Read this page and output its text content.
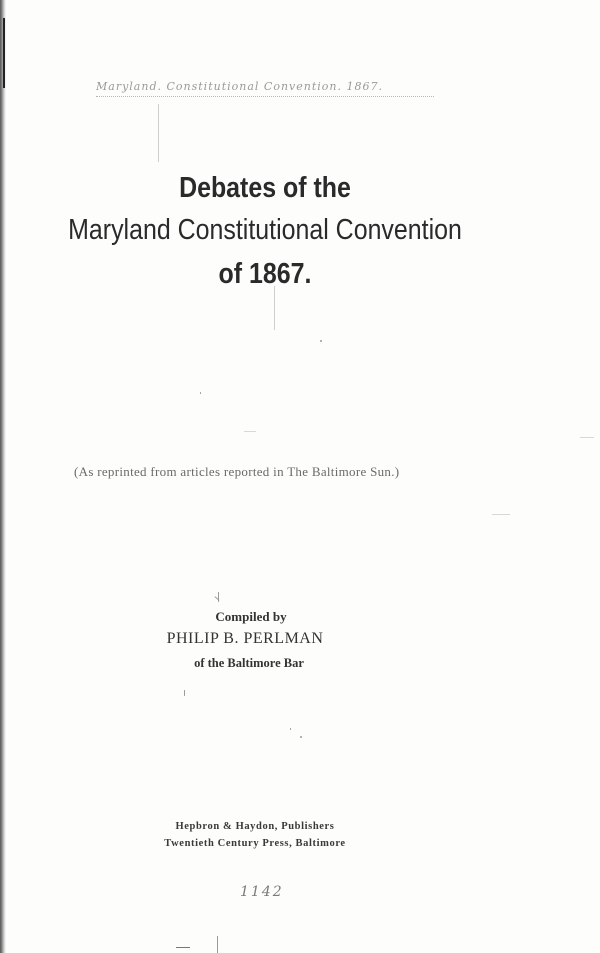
Maryland. Constitutional Convention. 1867.
Debates of the
Maryland Constitutional Convention
of 1867.
(As reprinted from articles reported in The Baltimore Sun.)
Compiled by
PHILIP B. PERLMAN
of the Baltimore Bar
Hepbron & Haydon, Publishers
Twentieth Century Press, Baltimore
1142
